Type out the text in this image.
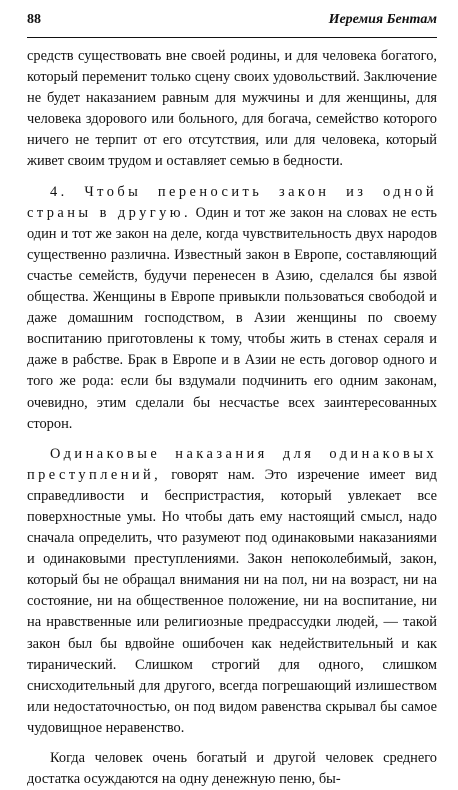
88	Иеремия Бентам

средств существовать вне своей родины, и для человека богатого, который переменит только сцену своих удовольствий. Заключение не будет наказанием равным для мужчины и для женщины, для человека здорового или больного, для богача, семейство которого ничего не терпит от его отсутствия, или для человека, который живет своим трудом и оставляет семью в бедности.

4. Чтобы переносить закон из одной страны в другую. Один и тот же закон на словах не есть один и тот же закон на деле, когда чувствительность двух народов существенно различна. Известный закон в Европе, составляющий счастье семейств, будучи перенесен в Азию, сделался бы язвой общества. Женщины в Европе привыкли пользоваться свободой и даже домашним господством, в Азии женщины по своему воспитанию приготовлены к тому, чтобы жить в стенах сераля и даже в рабстве. Брак в Европе и в Азии не есть договор одного и того же рода: если бы вздумали подчинить его одним законам, очевидно, этим сделали бы несчастье всех заинтересованных сторон.

Одинаковые наказания для одинаковых преступлений, говорят нам. Это изречение имеет вид справедливости и беспристрастия, который увлекает все поверхностные умы. Но чтобы дать ему настоящий смысл, надо сначала определить, что разумеют под одинаковыми наказаниями и одинаковыми преступлениями. Закон непоколебимый, закон, который бы не обращал внимания ни на пол, ни на возраст, ни на состояние, ни на общественное положение, ни на воспитание, ни на нравственные или религиозные предрассудки людей, — такой закон был бы вдвойне ошибочен как недействительный и как тиранический. Слишком строгий для одного, слишком снисходительный для другого, всегда погрешающий излишеством или недостаточностью, он под видом равенства скрывал бы самое чудовищное неравенство.

Когда человек очень богатый и другой человек среднего достатка осуждаются на одну денежную пеню, бы-
